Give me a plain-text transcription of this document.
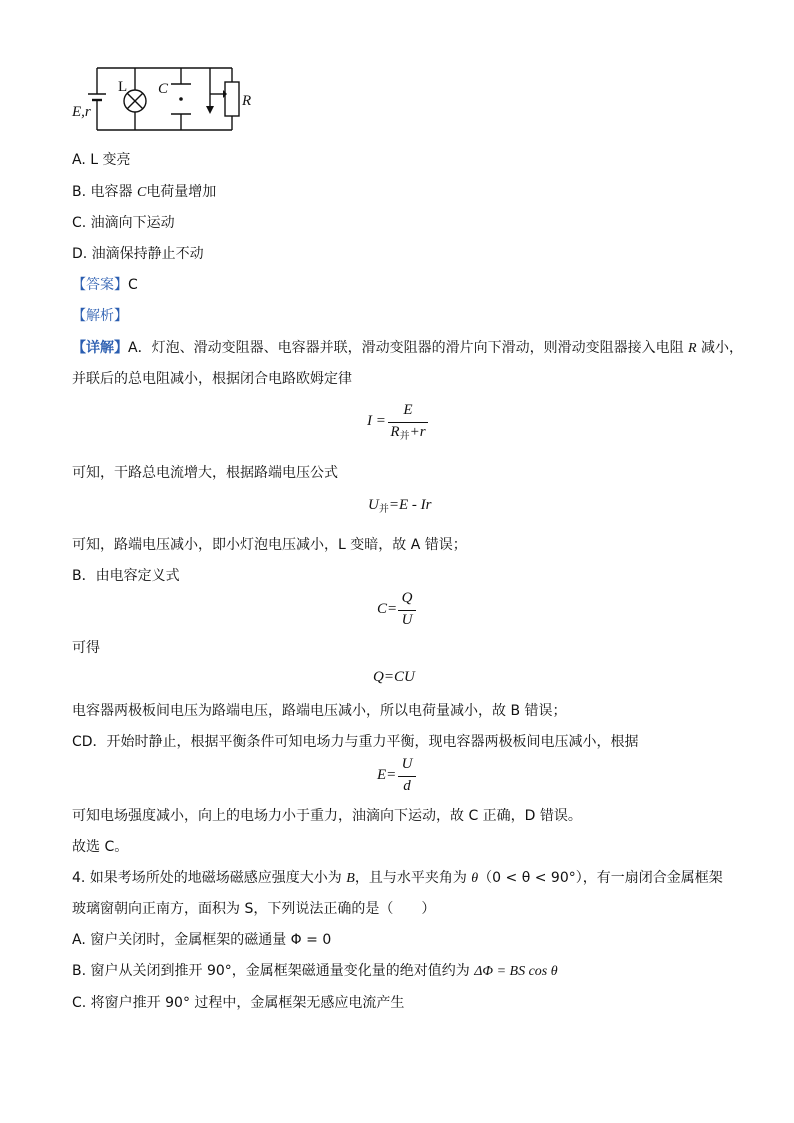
L C
R
E,r
A. L 变亮
B. 电容器 C电荷量增加
C. 油滴向下运动
D. 油滴保持静止不动
【答案】C
【解析】
【详解】A．灯泡、滑动变阻器、电容器并联，滑动变阻器的滑片向下滑动，则滑动变阻器接入电阻 R 减小，
并联后的总电阻减小，根据闭合电路欧姆定律
I =
E
$R_并+r$
可知，干路总电流增大，根据路端电压公式
$U_并=E - Ir$
可知，路端电压减小，即小灯泡电压减小，L 变暗，故 A 错误；
B．由电容定义式
C=
Q
U
可得
Q=CU
电容器两极板间电压为路端电压，路端电压减小，所以电荷量减小，故 B 错误；
CD．开始时静止，根据平衡条件可知电场力与重力平衡，现电容器两极板间电压减小，根据
E=
U
d
可知电场强度减小，向上的电场力小于重力，油滴向下运动，故 C 正确，D 错误。
故选 C。
4. 如果考场所处的地磁场磁感应强度大小为 B，且与水平夹角为 θ（0 < θ < 90°），有一扇闭合金属框架
玻璃窗朝向正南方，面积为 S，下列说法正确的是（　　）
A. 窗户关闭时，金属框架的磁通量 Φ = 0
B. 窗户从关闭到推开 90°，金属框架磁通量变化量的绝对值约为 ΔΦ = BS cos θ
C. 将窗户推开 90° 过程中，金属框架无感应电流产生
